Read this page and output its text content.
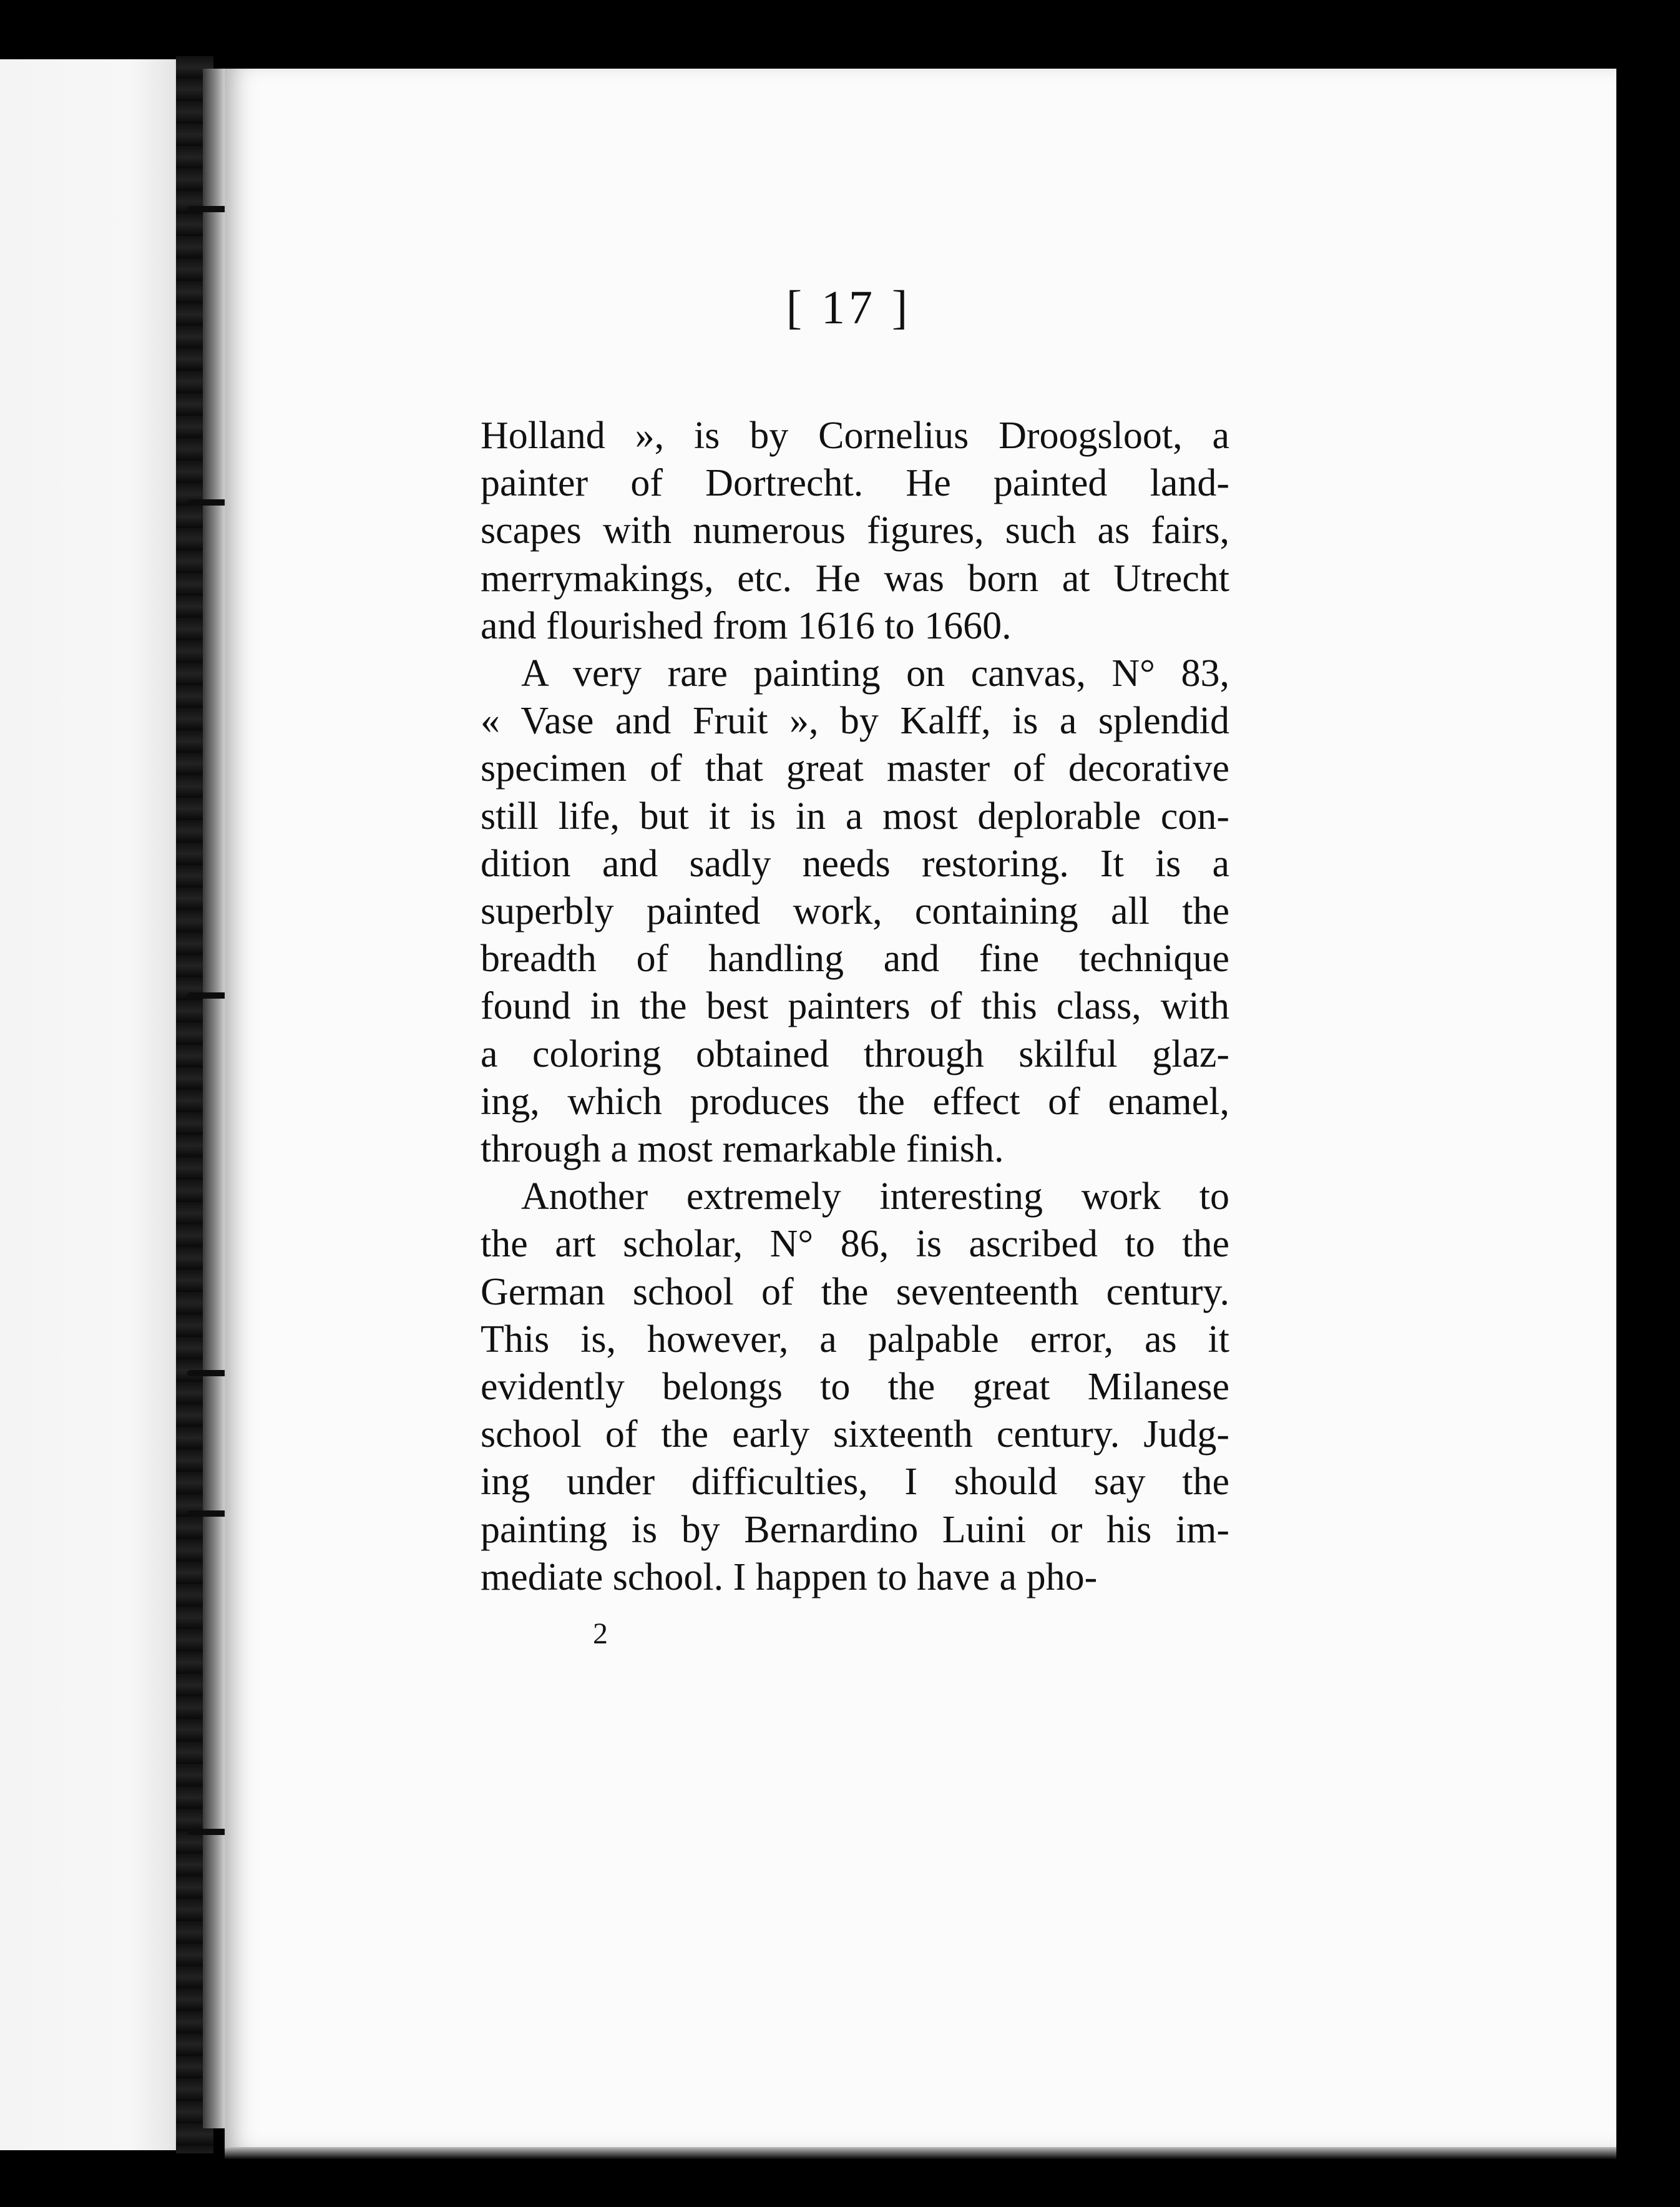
[ 17 ]
Holland », is by Cornelius Droogsloot, a
painter of Dortrecht. He painted land-
scapes with numerous figures, such as fairs,
merrymakings, etc. He was born at Utrecht
and flourished from 1616 to 1660.
A very rare painting on canvas, N° 83,
« Vase and Fruit », by Kalff, is a splendid
specimen of that great master of decorative
still life, but it is in a most deplorable con-
dition and sadly needs restoring. It is a
superbly painted work, containing all the
breadth of handling and fine technique
found in the best painters of this class, with
a coloring obtained through skilful glaz-
ing, which produces the effect of enamel,
through a most remarkable finish.
Another extremely interesting work to
the art scholar, N° 86, is ascribed to the
German school of the seventeenth century.
This is, however, a palpable error, as it
evidently belongs to the great Milanese
school of the early sixteenth century. Judg-
ing under difficulties, I should say the
painting is by Bernardino Luini or his im-
mediate school. I happen to have a pho-
2
